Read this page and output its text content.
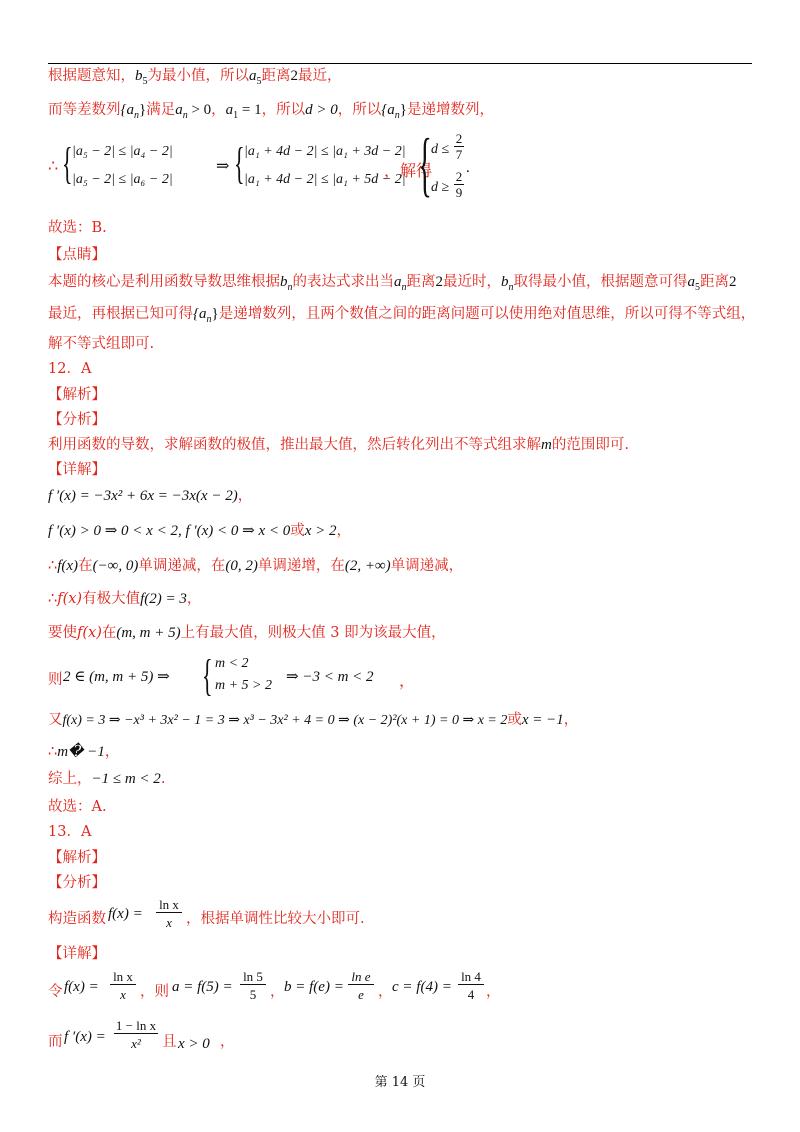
根据题意知，$b_5$为最小值，所以$a_5$距离2最近，
而等差数列$\{a_n\}$满足$a_n > 0$，$a_1 = 1$，所以d > 0，所以$\{a_n\}$是递增数列，
∴ { |a₅ − 2| ≤ |a₄ − 2|
|a₅ − 2| ≤ |a₆ − 2|
⇒ { |a₁ + 4d − 2| ≤ |a₁ + 3d − 2|
|a₁ + 4d − 2| ≤ |a₁ + 5d − 2|
，解得
{ d ≤
2
7
d ≥
2
9
.
故选：B.
【点睛】
本题的核心是利用函数导数思维根据$b_n$的表达式求出当$a_n$距离2最近时，$b_n$取得最小值，根据题意可得$a_5$距离2
最近，再根据已知可得$\{a_n\}$是递增数列，且两个数值之间的距离问题可以使用绝对值思维，所以可得不等式组，
解不等式组即可.
12．A
【解析】
【分析】
利用函数的导数，求解函数的极值，推出最大值，然后转化列出不等式组求解m的范围即可.
【详解】
f ′(x) = −3x² + 6x = −3x(x − 2)，
f ′(x) > 0 ⇒ 0 < x < 2, f ′(x) < 0 ⇒ x < 0或x > 2，
∴f(x)在(−∞, 0)单调递减，在(0, 2)单调递增，在(2, +∞)单调递减，
∴f(x)有极大值f(2) = 3，
要使f(x)在(m, m + 5)上有最大值，则极大值 3 即为该最大值，
则 2 ∈ (m, m + 5) ⇒ { m < 2
m + 5 > 2
⇒ −3 < m < 2 ，
又f(x) = 3 ⇒ −x³ + 3x² − 1 = 3 ⇒ x³ − 3x² + 4 = 0 ⇒ (x − 2)²(x + 1) = 0 ⇒ x = 2或x = −1，
∴m� −1，
综上，−1 ≤ m < 2.
故选：A.
13．A
【解析】
【分析】
构造函数 f(x) =
ln x
x ，根据单调性比较大小即可.
【详解】
令 f(x) =
ln x
x ，则 a = f(5) =
ln 5
5 ， b = f(e) =
ln e
e ， c = f(4) =
ln 4
4 ，
而 f ′(x) =
1 − ln x
x²	且 x > 0 ，
第 14 页
